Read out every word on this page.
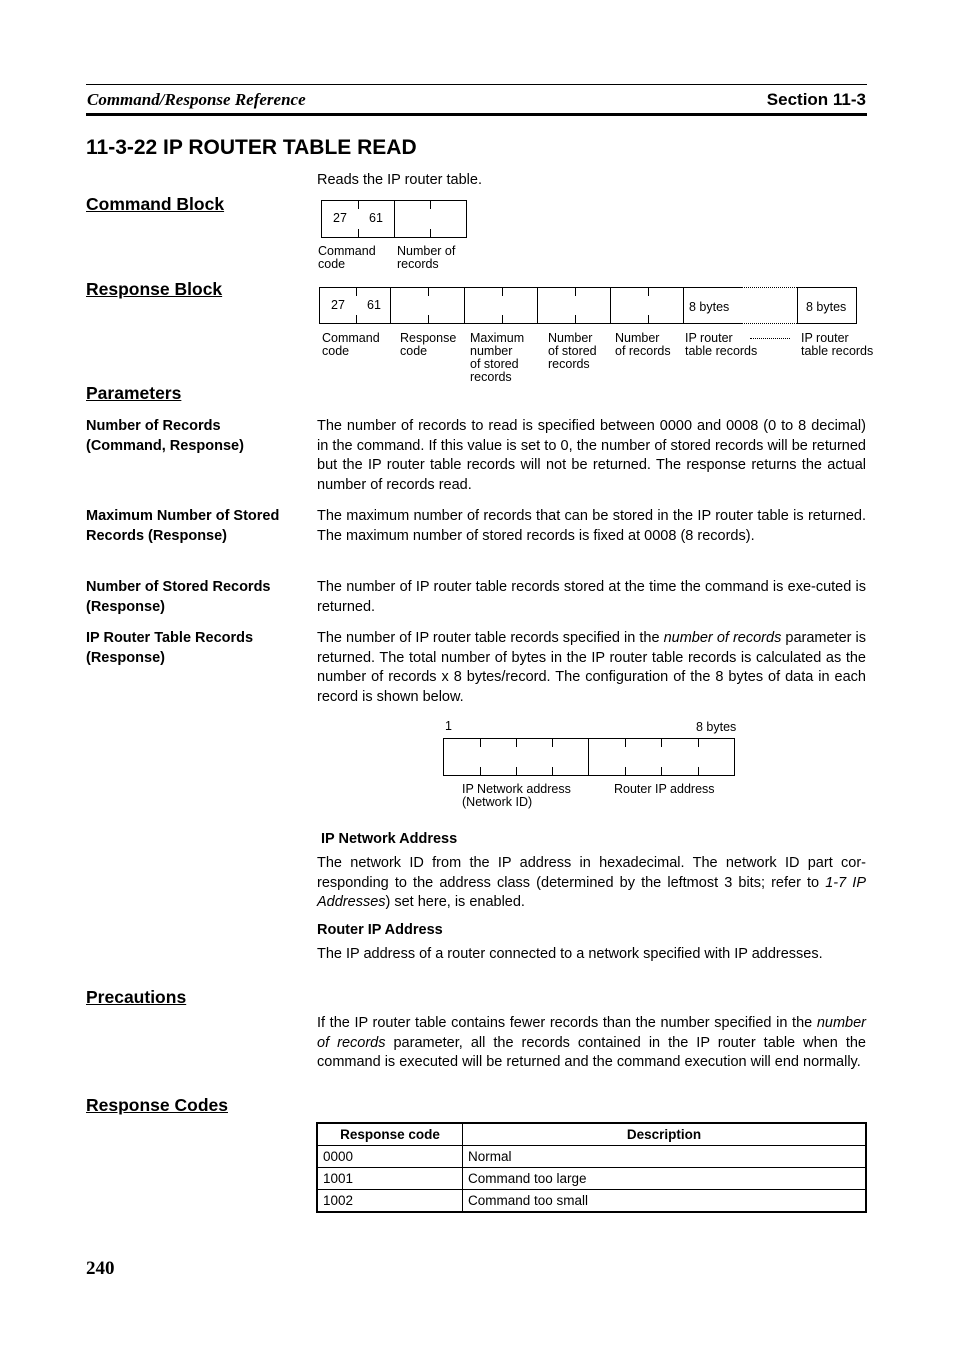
Command/Response Reference	Section 11-3
11-3-22 IP ROUTER TABLE READ
Reads the IP router table.
Command Block
27 61
Command
code
Number of
records
Response Block
27 61	8 bytes	8 bytes
Command
code
Response
code
Maximum
number
of stored
records
Number
of stored
records
Number
of records
IP router
table records
IP router
table records
Parameters
Number of Records (Command, Response)
The number of records to read is specified between 0000 and 0008 (0 to 8 decimal) in the command. If this value is set to 0, the number of stored records will be returned but the IP router table records will not be returned. The response returns the actual number of records read.
Maximum Number of Stored Records (Response)
The maximum number of records that can be stored in the IP router table is returned. The maximum number of stored records is fixed at 0008 (8 records).
Number of Stored Records (Response)
The number of IP router table records stored at the time the command is exe-cuted is returned.
IP Router Table Records (Response)
The number of IP router table records specified in the number of records parameter is returned. The total number of bytes in the IP router table records is calculated as the number of records x 8 bytes/record. The configuration of the 8 bytes of data in each record is shown below.
1	8 bytes
IP Network address
(Network ID)
Router IP address
IP Network Address
The network ID from the IP address in hexadecimal. The network ID part cor-responding to the address class (determined by the leftmost 3 bits; refer to 1-7 IP Addresses) set here, is enabled.
Router IP Address
The IP address of a router connected to a network specified with IP addresses.
Precautions
If the IP router table contains fewer records than the number specified in the number of records parameter, all the records contained in the IP router table when the command is executed will be returned and the command execution will end normally.
Response Codes
Response code	Description
0000	Normal
1001	Command too large
1002	Command too small
240
